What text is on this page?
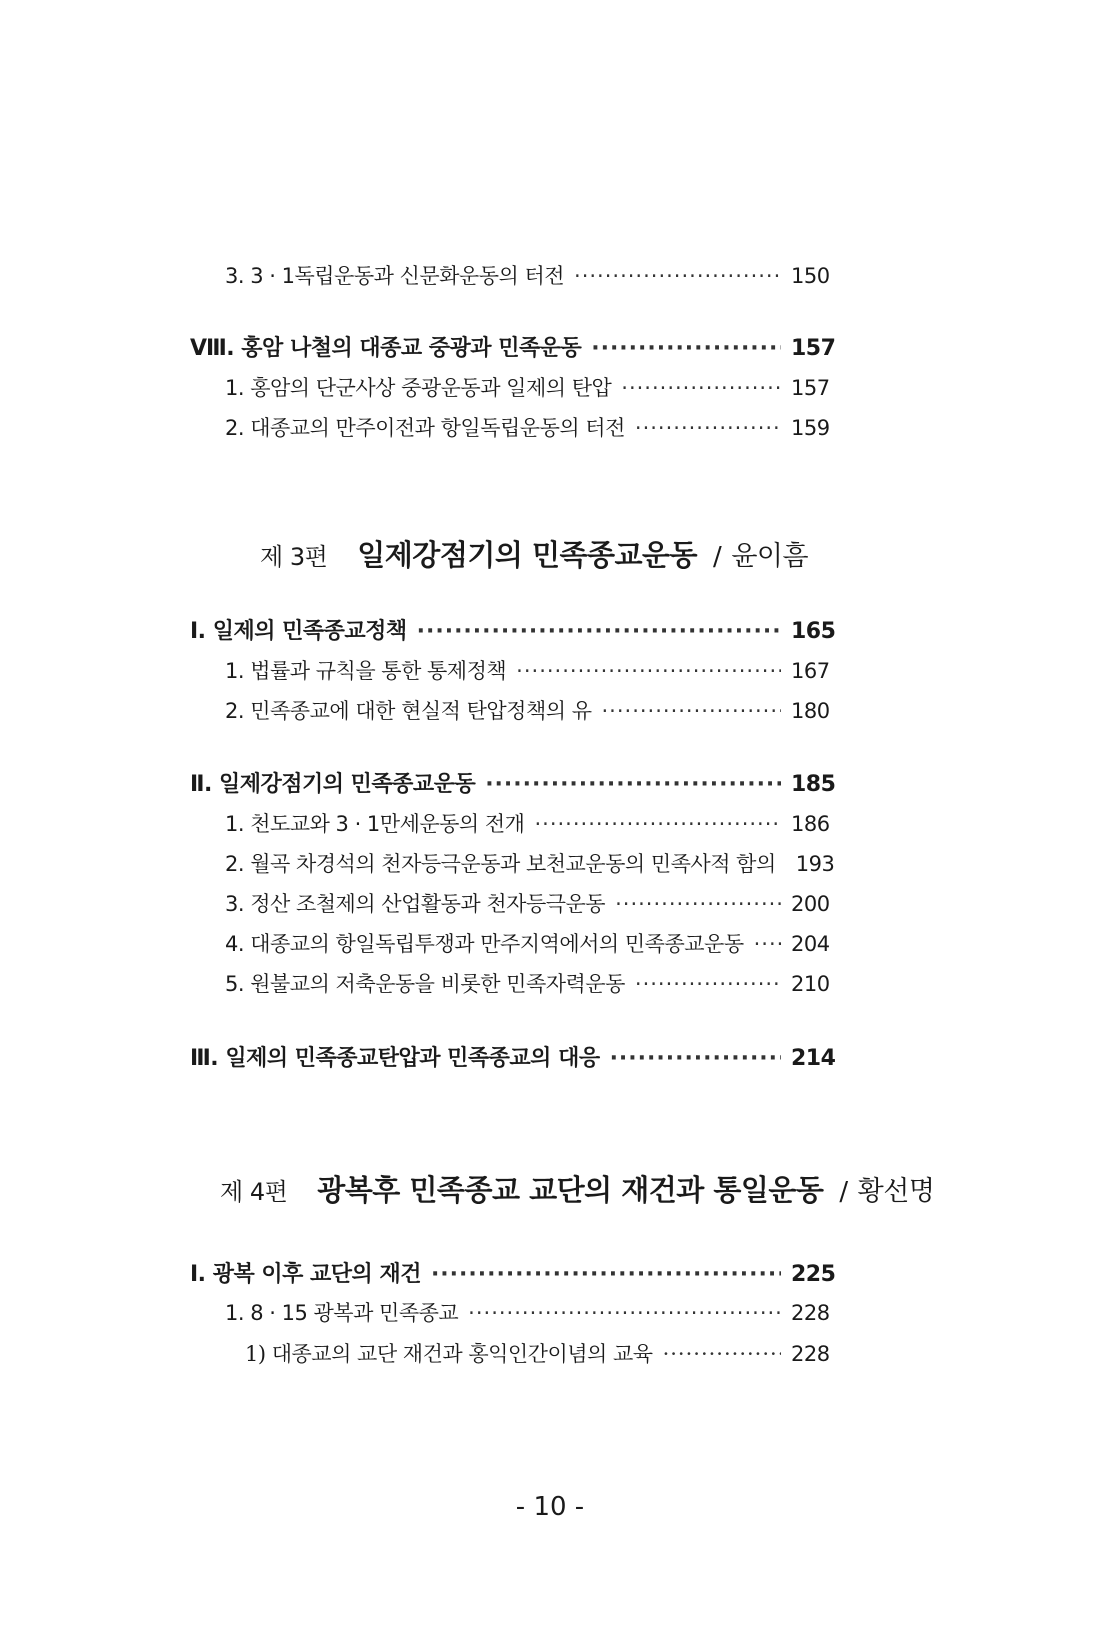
3. 3 · 1독립운동과 신문화운동의 터전 ·····	150
Ⅷ. 홍암 나철의 대종교 중광과 민족운동 ·····	157
1. 홍암의 단군사상 중광운동과 일제의 탄압 ·····	157
2. 대종교의 만주이전과 항일독립운동의 터전 ·····	159
제 3편 일제강점기의 민족종교운동 / 윤이흠
Ⅰ. 일제의 민족종교정책 ·····	165
1. 법률과 규칙을 통한 통제정책 ·····	167
2. 민족종교에 대한 현실적 탄압정책의 유 ·····	180
Ⅱ. 일제강점기의 민족종교운동 ·····	185
1. 천도교와 3 · 1만세운동의 전개 ·····	186
2. 월곡 차경석의 천자등극운동과 보천교운동의 민족사적 함의 193
3. 정산 조철제의 산업활동과 천자등극운동 ·····	200
4. 대종교의 항일독립투쟁과 만주지역에서의 민족종교운동 ····· 204
5. 원불교의 저축운동을 비롯한 민족자력운동 ·····	210
Ⅲ. 일제의 민족종교탄압과 민족종교의 대응 ·····	214
제 4편 광복후 민족종교 교단의 재건과 통일운동 / 황선명
Ⅰ. 광복 이후 교단의 재건 ·····	225
1. 8 · 15 광복과 민족종교 ·····	228
1) 대종교의 교단 재건과 홍익인간이념의 교육 ·····	228
- 10 -
